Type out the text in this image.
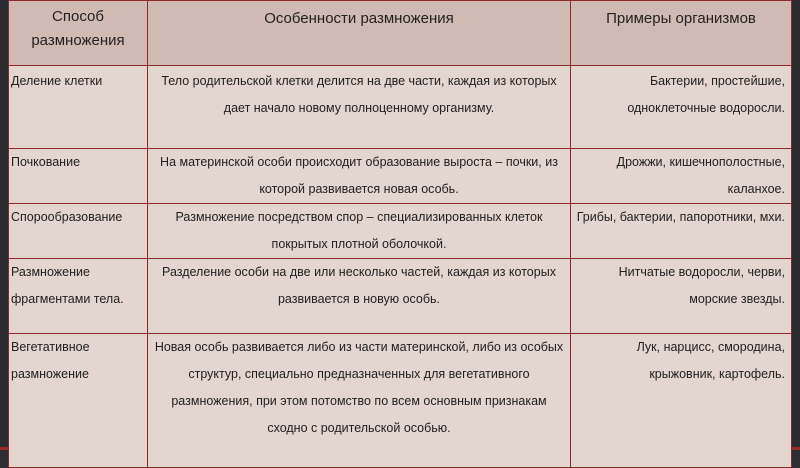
Способ размножения	Особенности размножения	Примеры организмов
Деление клетки	Тело родительской клетки делится на две части, каждая из которых дает начало новому полноценному организму.	Бактерии, простейшие, одноклеточные водоросли.
Почкование	На материнской особи происходит образование выроста – почки, из которой развивается новая особь.	Дрожжи, кишечнополостные, каланхое.
Спорообразование	Размножение посредством спор – специализированных клеток покрытых плотной оболочкой.	Грибы, бактерии, папоротники, мхи.
Размножение фрагментами тела.	Разделение особи на две или несколько частей, каждая из которых развивается в новую особь.	Нитчатые водоросли, черви, морские звезды.
Вегетативное размножение	Новая особь развивается либо из части материнской, либо из особых структур, специально предназначенных для вегетативного размножения, при этом потомство по всем основным признакам сходно с родительской особью.	Лук, нарцисс, смородина, крыжовник, картофель.
